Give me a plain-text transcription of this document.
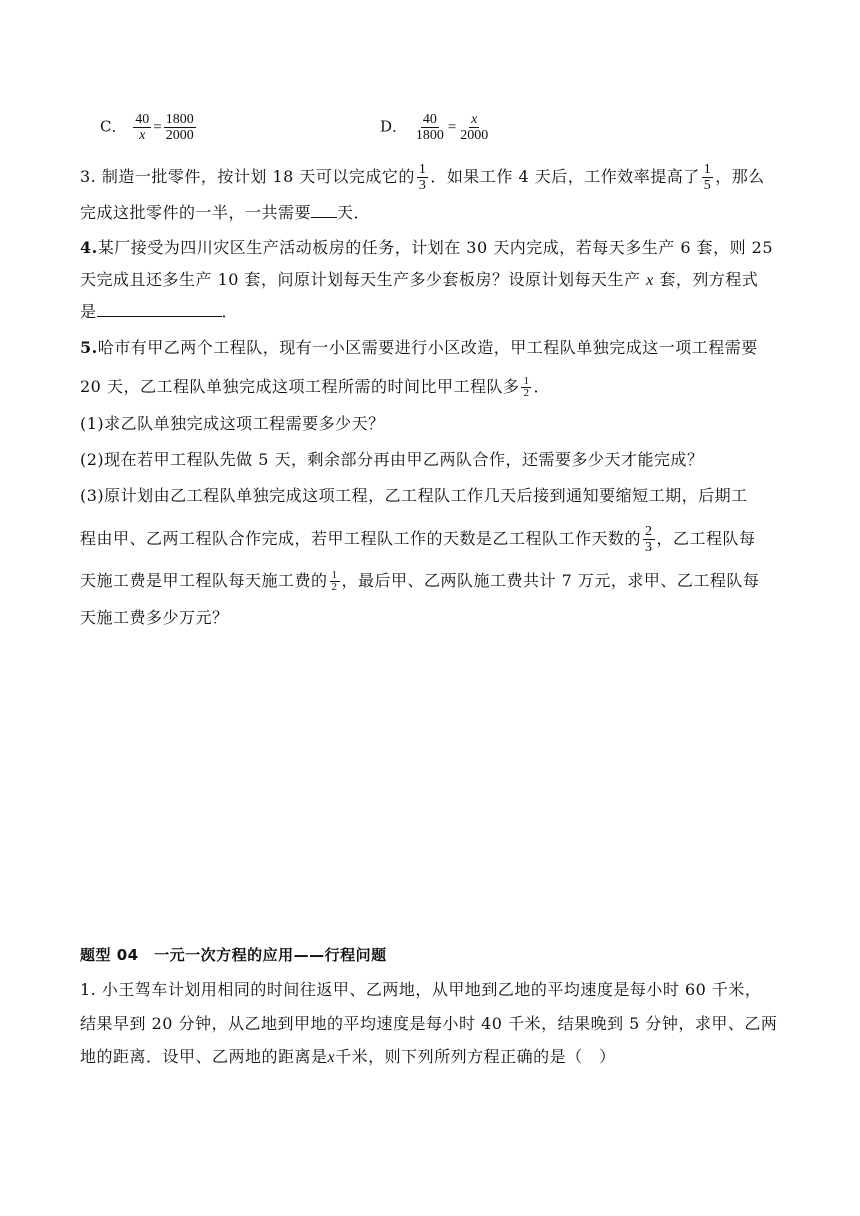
C． $\frac{40}{x} = \frac{1800}{2000}$	D． $\frac{40}{1800} = \frac{x}{2000}$
3. 制造一批零件，按计划 18 天可以完成它的 $\frac{1}{3}$ ．如果工作 4 天后，工作效率提高了 $\frac{1}{5}$ ，那么
完成这批零件的一半，一共需要 天．
4.某厂接受为四川灾区生产活动板房的任务，计划在 30 天内完成，若每天多生产 6 套，则 25
天完成且还多生产 10 套，问原计划每天生产多少套板房？设原计划每天生产 x 套，列方程式
是	．
5.哈市有甲乙两个工程队，现有一小区需要进行小区改造，甲工程队单独完成这一项工程需要
20 天，乙工程队单独完成这项工程所需的时间比甲工程队多 $\frac{1}{2}$ ．
(1)求乙队单独完成这项工程需要多少天？
(2)现在若甲工程队先做 5 天，剩余部分再由甲乙两队合作，还需要多少天才能完成？
(3)原计划由乙工程队单独完成这项工程，乙工程队工作几天后接到通知要缩短工期，后期工
程由甲、乙两工程队合作完成，若甲工程队工作的天数是乙工程队工作天数的 $\frac{2}{3}$ ，乙工程队每
天施工费是甲工程队每天施工费的 $\frac{1}{2}$ ，最后甲、乙两队施工费共计 7 万元，求甲、乙工程队每
天施工费多少万元？
题型 04　一元一次方程的应用——行程问题
1. 小王驾车计划用相同的时间往返甲、乙两地，从甲地到乙地的平均速度是每小时 60 千米，
结果早到 20 分钟，从乙地到甲地的平均速度是每小时 40 千米，结果晚到 5 分钟，求甲、乙两
地的距离．设甲、乙两地的距离是x千米，则下列所列方程正确的是（　）
